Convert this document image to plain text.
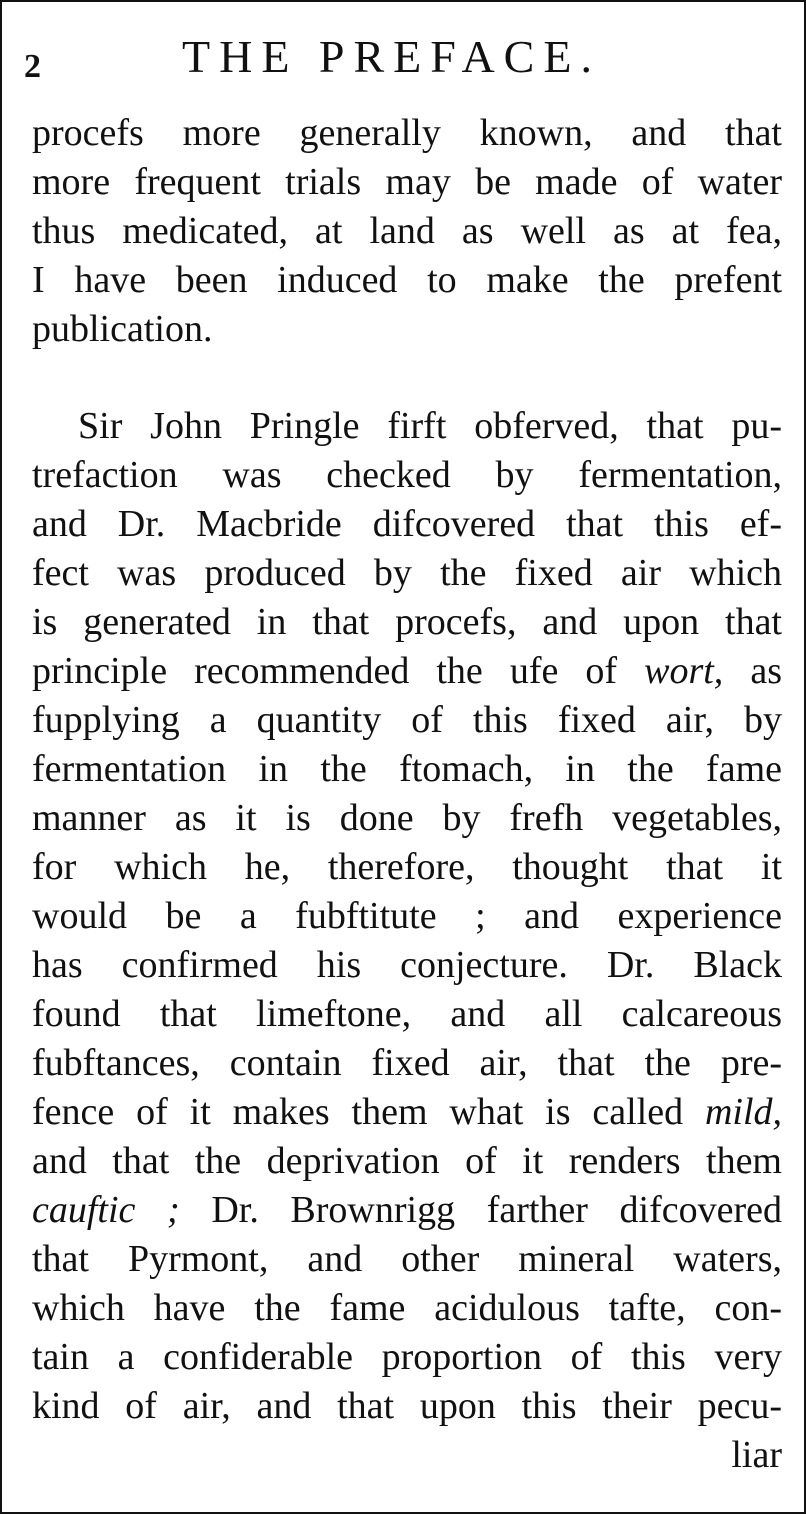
2	THE PREFACE.
procefs more generally known, and that
more frequent trials may be made of water
thus medicated, at land as well as at fea,
I have been induced to make the prefent
publication.
Sir John Pringle firft obferved, that pu-
trefaction was checked by fermentation,
and Dr. Macbride difcovered that this ef-
fect was produced by the fixed air which
is generated in that procefs, and upon that
principle recommended the ufe of wort, as
fupplying a quantity of this fixed air, by
fermentation in the ftomach, in the fame
manner as it is done by frefh vegetables,
for which he, therefore, thought that it
would be a fubftitute ; and experience
has confirmed his conjecture. Dr. Black
found that limeftone, and all calcareous
fubftances, contain fixed air, that the pre-
fence of it makes them what is called mild,
and that the deprivation of it renders them
cauftic ; Dr. Brownrigg farther difcovered
that Pyrmont, and other mineral waters,
which have the fame acidulous tafte, con-
tain a confiderable proportion of this very
kind of air, and that upon this their pecu-
liar
